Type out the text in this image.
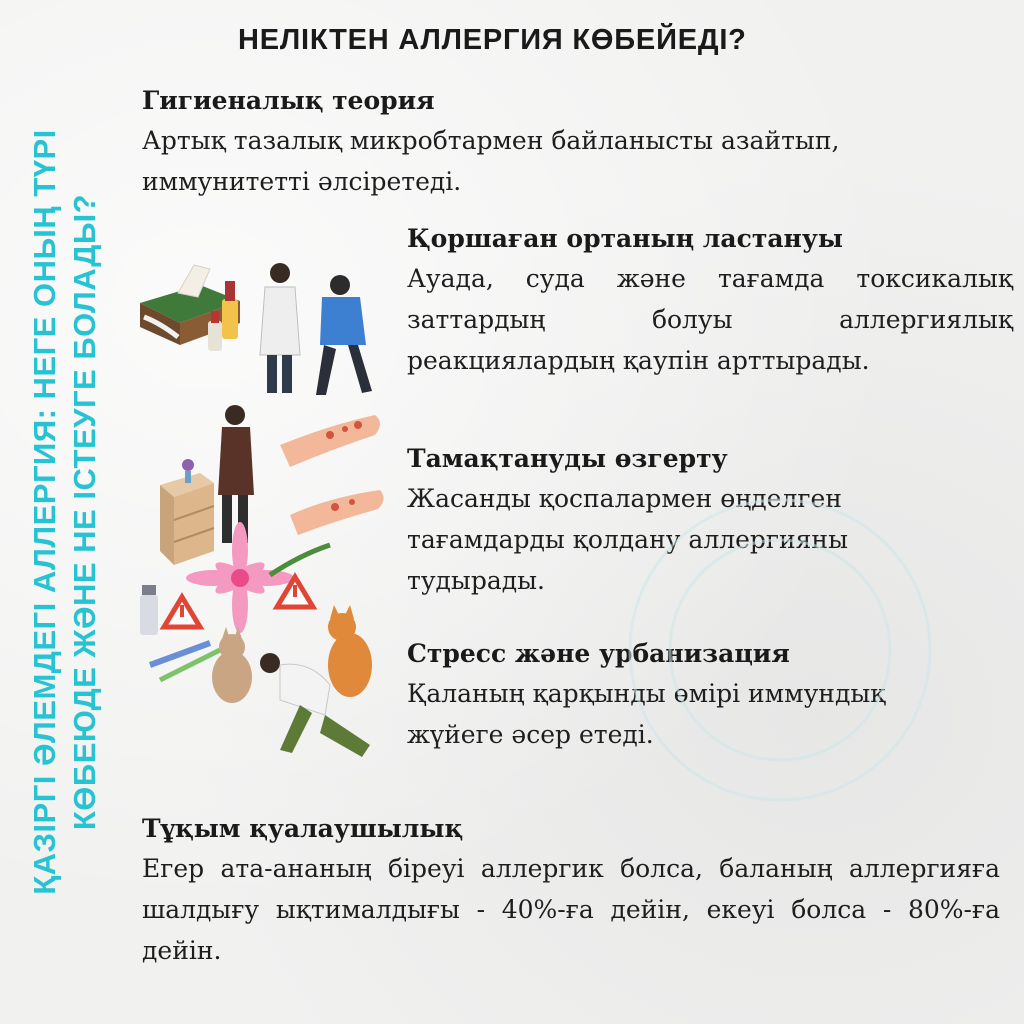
ҚАЗІРГІ ӘЛЕМДЕГІ АЛЛЕРГИЯ: НЕГЕ ОНЫҢ ТҮРІ КӨБЕЮДЕ ЖӘНЕ НЕ ІСТЕУГЕ БОЛАДЫ?
НЕЛІКТЕН АЛЛЕРГИЯ КӨБЕЙЕДІ?
Гигиеналық теория

Артық тазалық микробтармен байланысты азайтып,

иммунитетті әлсіретеді.

Қоршаған ортаның ластануы

Ауада, суда және тағамда токсикалық заттардың болуы аллергиялық реакциялардың қаупін арттырады.

Тамақтануды өзгерту

Жасанды қоспалармен өңделген

тағамдарды қолдану аллергияны

тудырады.

Стресс және урбанизация

Қаланың қарқынды өмірі иммундық

жүйеге әсер етеді.

Тұқым қуалаушылық

Егер ата-ананың біреуі аллергик болса, баланың аллергияға шалдығу ықтималдығы - 40%-ға дейін, екеуі болса - 80%-ға дейін.
